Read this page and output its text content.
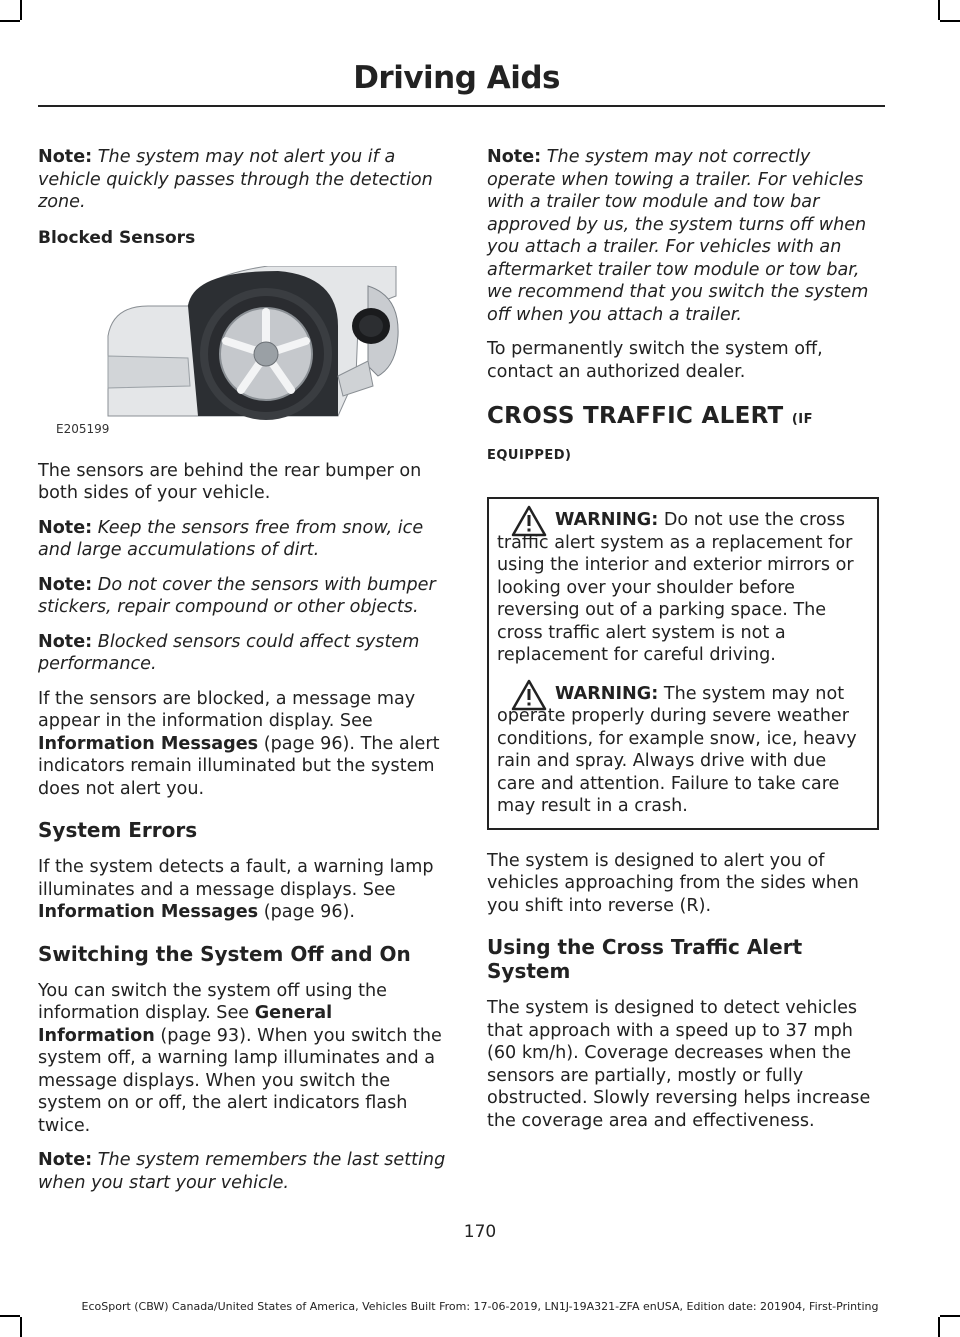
Driving Aids

Note: The system may not alert you if a vehicle quickly passes through the detection zone.

Blocked Sensors
E205199

The sensors are behind the rear bumper on both sides of your vehicle.

Note: Keep the sensors free from snow, ice and large accumulations of dirt.

Note: Do not cover the sensors with bumper stickers, repair compound or other objects.

Note: Blocked sensors could affect system performance.

If the sensors are blocked, a message may appear in the information display. See Information Messages (page 96). The alert indicators remain illuminated but the system does not alert you.

System Errors

If the system detects a fault, a warning lamp illuminates and a message displays. See Information Messages (page 96).

Switching the System Off and On

You can switch the system off using the information display. See General Information (page 93). When you switch the system off, a warning lamp illuminates and a message displays. When you switch the system on or off, the alert indicators flash twice.

Note: The system remembers the last setting when you start your vehicle.

Note: The system may not correctly operate when towing a trailer. For vehicles with a trailer tow module and tow bar approved by us, the system turns off when you attach a trailer. For vehicles with an aftermarket trailer tow module or tow bar, we recommend that you switch the system off when you attach a trailer.

To permanently switch the system off, contact an authorized dealer.

CROSS TRAFFIC ALERT (IF
EQUIPPED)

WARNING: Do not use the cross traffic alert system as a replacement for using the interior and exterior mirrors or looking over your shoulder before reversing out of a parking space. The cross traffic alert system is not a replacement for careful driving.

WARNING: The system may not operate properly during severe weather conditions, for example snow, ice, heavy rain and spray. Always drive with due care and attention. Failure to take care may result in a crash.

The system is designed to alert you of vehicles approaching from the sides when you shift into reverse (R).

Using the Cross Traffic Alert System

The system is designed to detect vehicles that approach with a speed up to 37 mph (60 km/h). Coverage decreases when the sensors are partially, mostly or fully obstructed. Slowly reversing helps increase the coverage area and effectiveness.

170
EcoSport (CBW) Canada/United States of America, Vehicles Built From: 17-06-2019, LN1J-19A321-ZFA enUSA, Edition date: 201904, First-Printing
